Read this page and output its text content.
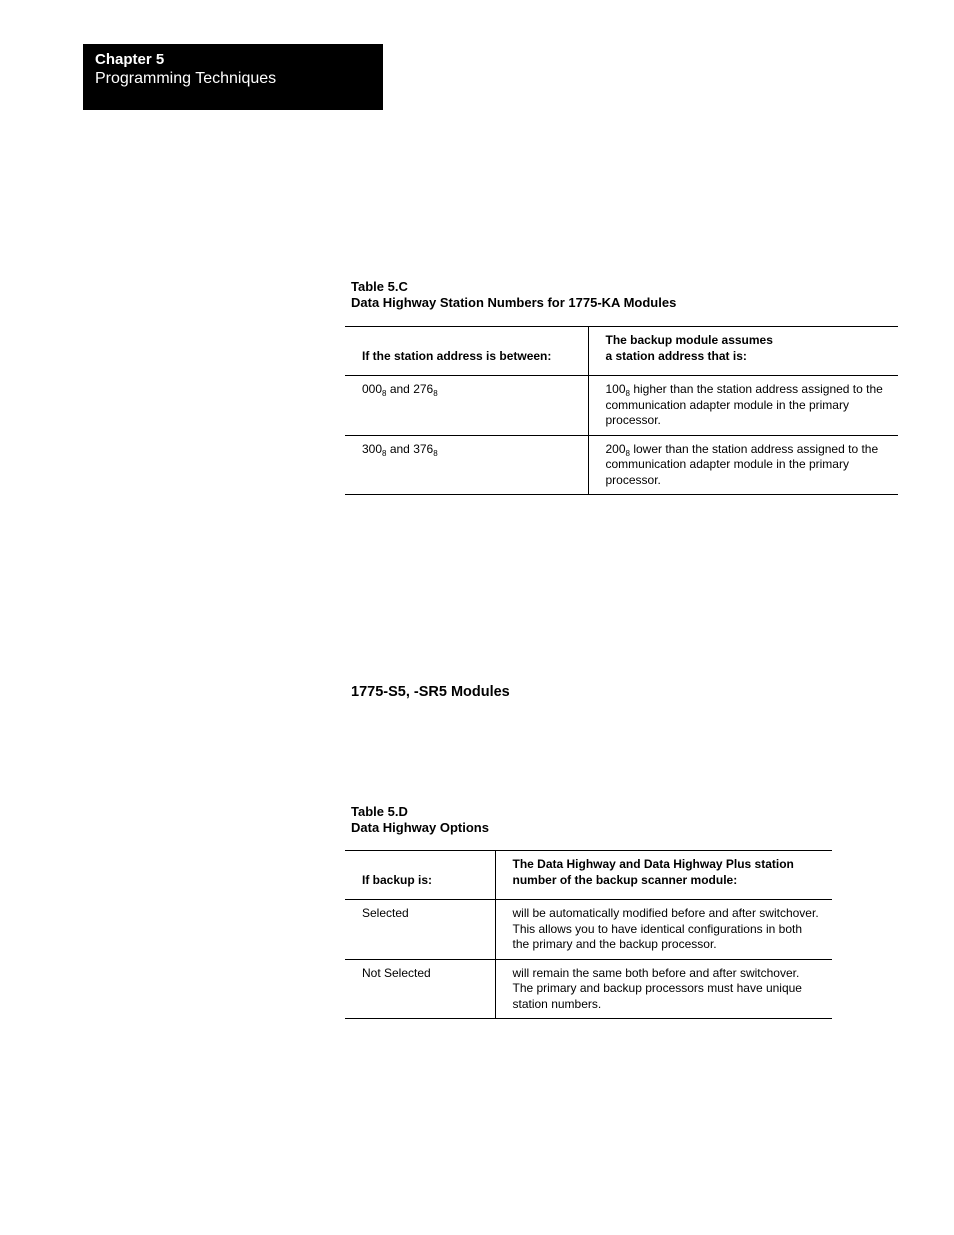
Chapter 5
Programming Techniques
Table 5.C
Data Highway Station Numbers for 1775-KA Modules
If the station address is between:	The backup module assumes
a station address that is:
$000_8$ and $276_8$	$100_8$ higher than the station address assigned to the communication adapter module in the primary processor.
$300_8$ and $376_8$	$200_8$ lower than the station address assigned to the communication adapter module in the primary processor.
1775-S5, -SR5 Modules
Table 5.D
Data Highway Options
If backup is:	The Data Highway and Data Highway Plus station
number of the backup scanner module:
Selected	will be automatically modified before and after switchover. This allows you to have identical configurations in both the primary and the backup processor.
Not Selected	will remain the same both before and after switchover. The primary and backup processors must have unique station numbers.
